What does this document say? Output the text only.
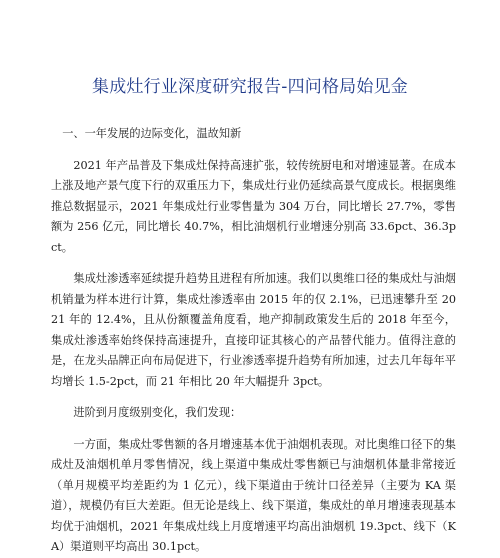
集成灶行业深度研究报告-四问格局始见金

一、一年发展的边际变化，温故知新

2021 年产品普及下集成灶保持高速扩张，较传统厨电和对增速显著。在成本上涨及地产景气度下行的双重压力下，集成灶行业仍延续高景气度成长。根据奥维推总数据显示，2021 年集成灶行业零售量为 304 万台，同比增长 27.7%，零售额为 256 亿元，同比增长 40.7%，相比油烟机行业增速分别高 33.6pct、36.3pct。

集成灶渗透率延续提升趋势且进程有所加速。我们以奥维口径的集成灶与油烟机销量为样本进行计算，集成灶渗透率由 2015 年的仅 2.1%，已迅速攀升至 2021 年的 12.4%，且从份额覆盖角度看，地产抑制政策发生后的 2018 年至今，集成灶渗透率始终保持高速提升，直接印证其核心的产品替代能力。值得注意的是，在龙头品牌正向布局促进下，行业渗透率提升趋势有所加速，过去几年每年平均增长 1.5-2pct，而 21 年相比 20 年大幅提升 3pct。

进阶到月度级别变化，我们发现：

一方面，集成灶零售额的各月增速基本优于油烟机表现。对比奥维口径下的集成灶及油烟机单月零售情况，线上渠道中集成灶零售额已与油烟机体量非常接近（单月规模平均差距约为 1 亿元），线下渠道由于统计口径差异（主要为 KA 渠道），规模仍有巨大差距。但无论是线上、线下渠道，集成灶的单月增速表现基本均优于油烟机，2021 年集成灶线上月度增速平均高出油烟机 19.3pct、线下（KA）渠道则平均高出 30.1pct。
